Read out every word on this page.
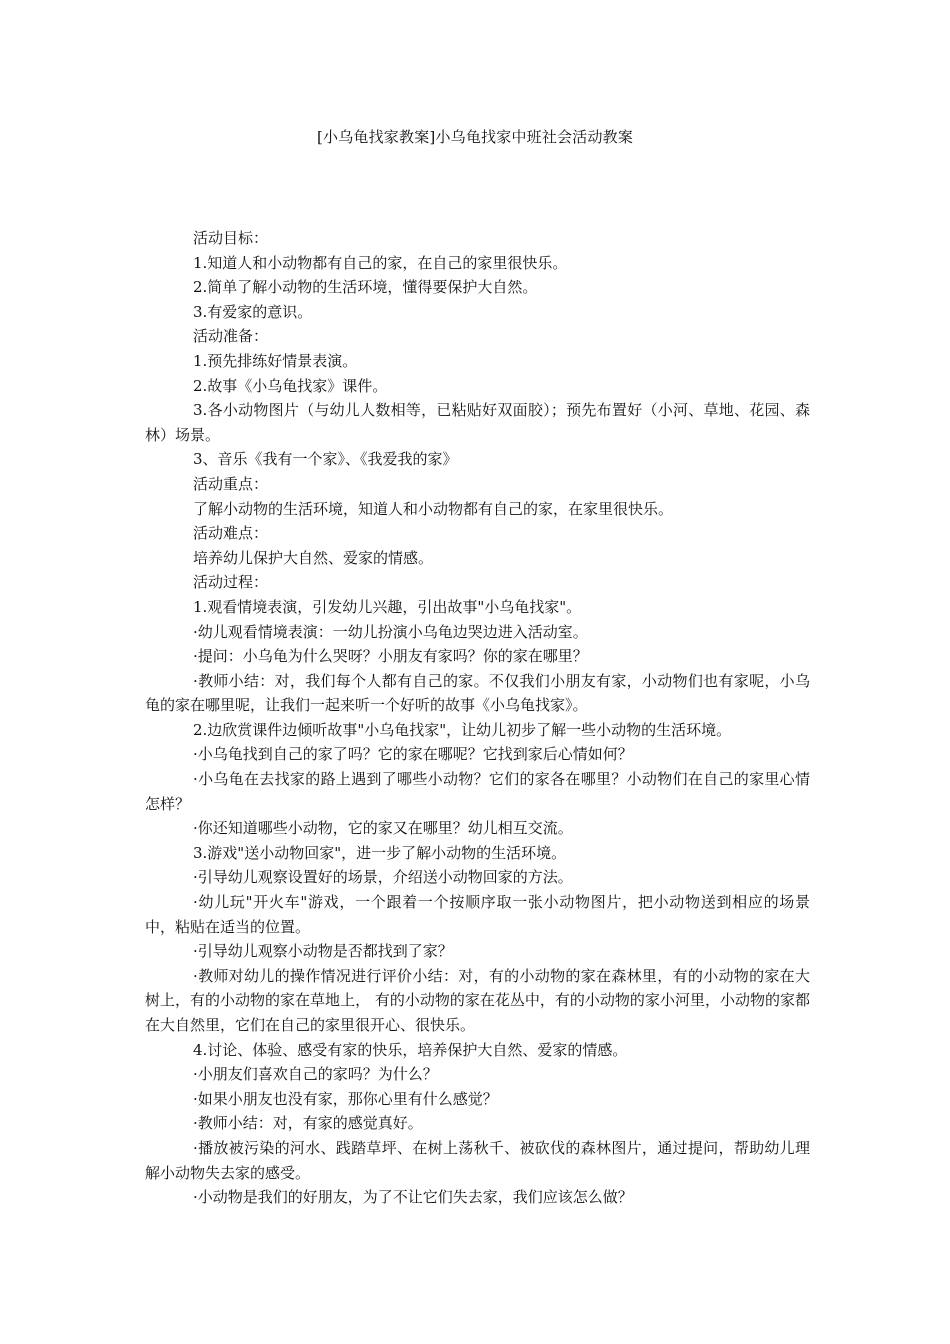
[小乌龟找家教案]小乌龟找家中班社会活动教案

活动目标：

1.知道人和小动物都有自己的家，在自己的家里很快乐。

2.简单了解小动物的生活环境，懂得要保护大自然。

3.有爱家的意识。

活动准备：

1.预先排练好情景表演。

2.故事《小乌龟找家》课件。

3.各小动物图片（与幼儿人数相等，已粘贴好双面胶）；预先布置好（小河、草地、花园、森林）场景。

3、音乐《我有一个家》、《我爱我的家》

活动重点：

了解小动物的生活环境，知道人和小动物都有自己的家，在家里很快乐。

活动难点：

培养幼儿保护大自然、爱家的情感。

活动过程：

1.观看情境表演，引发幼儿兴趣，引出故事"小乌龟找家"。

·幼儿观看情境表演：一幼儿扮演小乌龟边哭边进入活动室。

·提问：小乌龟为什么哭呀？小朋友有家吗？你的家在哪里？

·教师小结：对，我们每个人都有自己的家。不仅我们小朋友有家，小动物们也有家呢，小乌龟的家在哪里呢，让我们一起来听一个好听的故事《小乌龟找家》。

2.边欣赏课件边倾听故事"小乌龟找家"，让幼儿初步了解一些小动物的生活环境。

·小乌龟找到自己的家了吗？它的家在哪呢？它找到家后心情如何？

·小乌龟在去找家的路上遇到了哪些小动物？它们的家各在哪里？小动物们在自己的家里心情怎样？

·你还知道哪些小动物，它的家又在哪里？幼儿相互交流。

3.游戏"送小动物回家"，进一步了解小动物的生活环境。

·引导幼儿观察设置好的场景，介绍送小动物回家的方法。

·幼儿玩"开火车"游戏，一个跟着一个按顺序取一张小动物图片，把小动物送到相应的场景中，粘贴在适当的位置。

·引导幼儿观察小动物是否都找到了家？

·教师对幼儿的操作情况进行评价小结：对，有的小动物的家在森林里，有的小动物的家在大树上，有的小动物的家在草地上， 有的小动物的家在花丛中，有的小动物的家小河里，小动物的家都在大自然里，它们在自己的家里很开心、很快乐。

4.讨论、体验、感受有家的快乐，培养保护大自然、爱家的情感。

·小朋友们喜欢自己的家吗？为什么？

·如果小朋友也没有家，那你心里有什么感觉？

·教师小结：对，有家的感觉真好。

·播放被污染的河水、践踏草坪、在树上荡秋千、被砍伐的森林图片，通过提问，帮助幼儿理解小动物失去家的感受。

·小动物是我们的好朋友，为了不让它们失去家，我们应该怎么做？
